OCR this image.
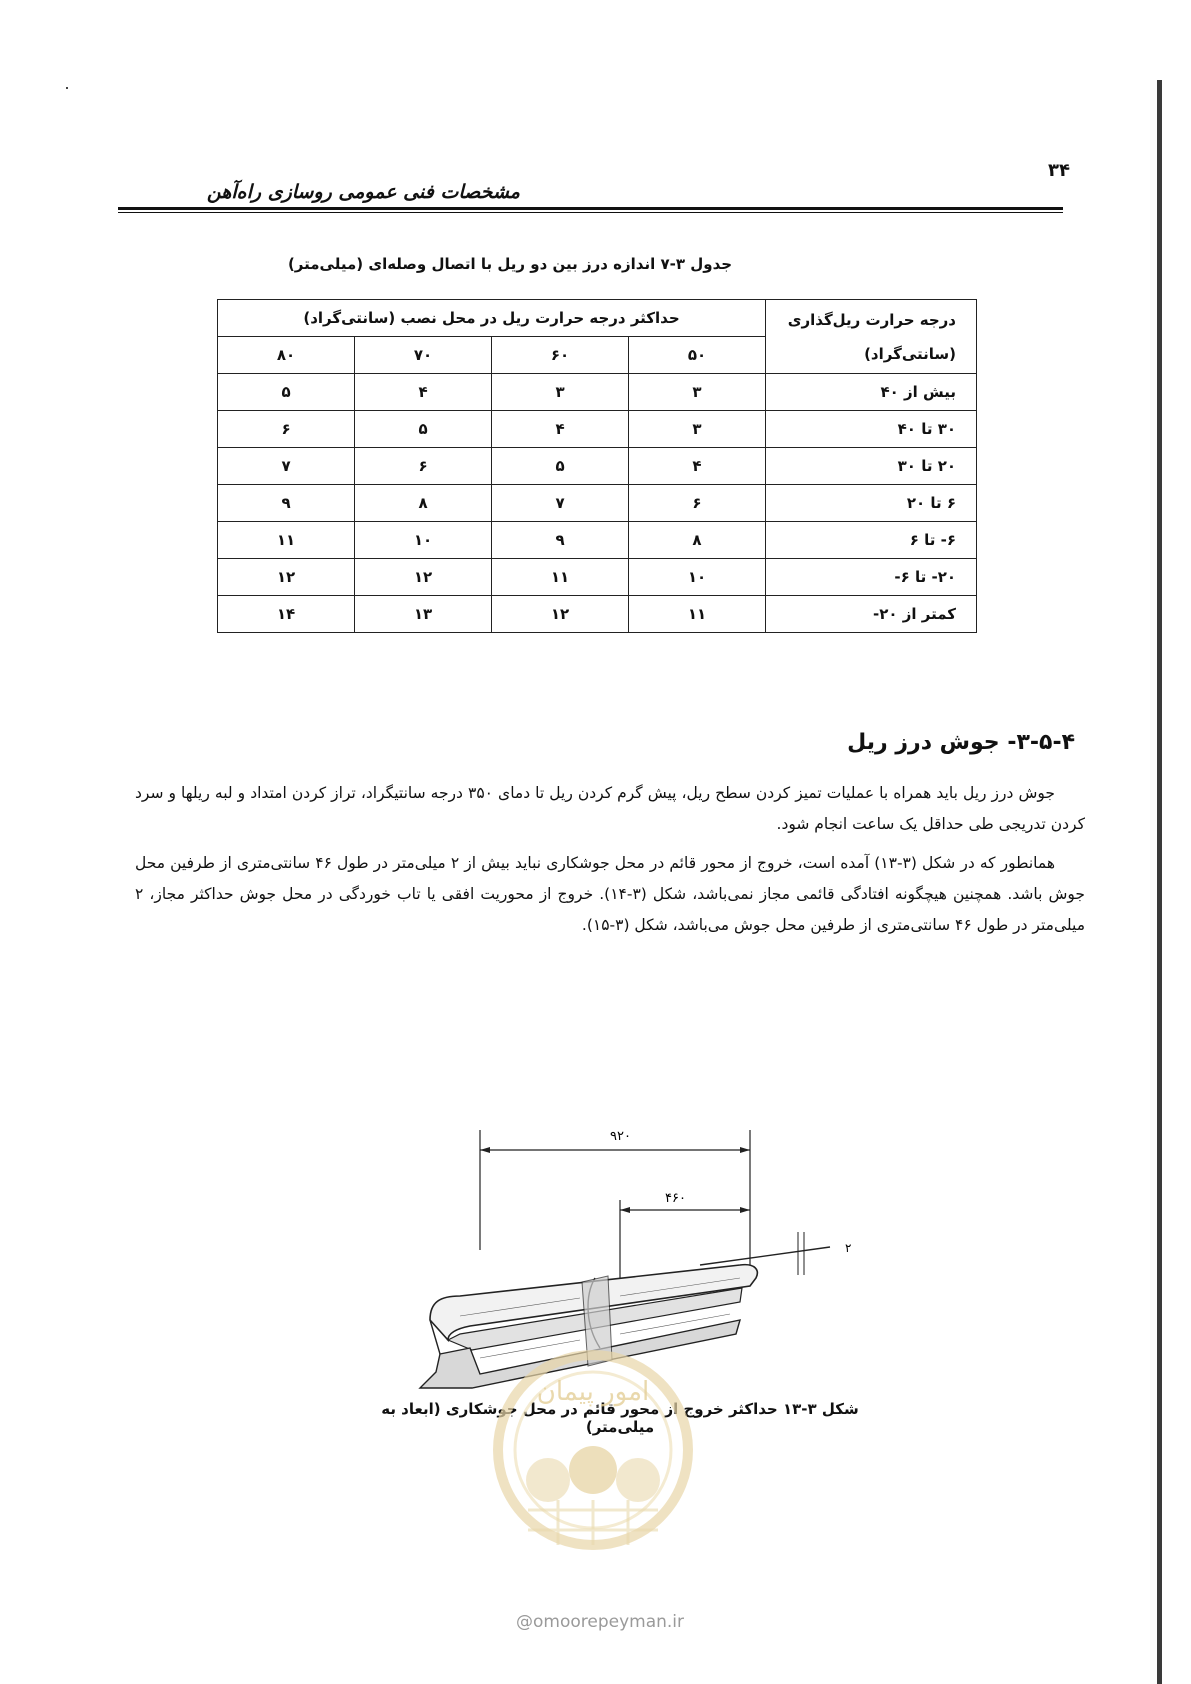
۳۴
مشخصات فنی عمومی روسازی راه‌آهن
جدول ۳-۷ اندازه درز بین دو ریل با اتصال وصله‌ای (میلی‌متر)
درجه حرارت ریل‌گذاری (سانتی‌گراد)	حداکثر درجه حرارت ریل در محل نصب (سانتی‌گراد)			
	۵۰	۶۰	۷۰	۸۰
بیش از ۴۰	۳	۳	۴	۵
۳۰ تا ۴۰	۳	۴	۵	۶
۲۰ تا ۳۰	۴	۵	۶	۷
۶ تا ۲۰	۶	۷	۸	۹
۶- تا ۶	۸	۹	۱۰	۱۱
۲۰- تا ۶-	۱۰	۱۱	۱۲	۱۲
کمتر از ۲۰-	۱۱	۱۲	۱۳	۱۴
۳-۵-۴- جوش درز ریل

جوش درز ریل باید همراه با عملیات تمیز کردن سطح ریل، پیش گرم کردن ریل تا دمای ۳۵۰ درجه سانتیگراد، تراز کردن امتداد و لبه ریلها و سرد کردن تدریجی طی حداقل یک ساعت انجام شود.

همانطور که در شکل (۳-۱۳) آمده است، خروج از محور قائم در محل جوشکاری نباید بیش از ۲ میلی‌متر در طول ۴۶ سانتی‌متری از طرفین محل جوش باشد. همچنین هیچگونه افتادگی قائمی مجاز نمی‌باشد، شکل (۳-۱۴). خروج از محوریت افقی یا تاب خوردگی در محل جوش حداکثر مجاز، ۲ میلی‌متر در طول ۴۶ سانتی‌متری از طرفین محل جوش می‌باشد، شکل (۳-۱۵).

۹۲۰
۴۶۰
۲
شکل ۳-۱۳ حداکثر خروج از محور قائم در محل جوشکاری (ابعاد به میلی‌متر)
امور پیمان
@omoorepeyman.ir
